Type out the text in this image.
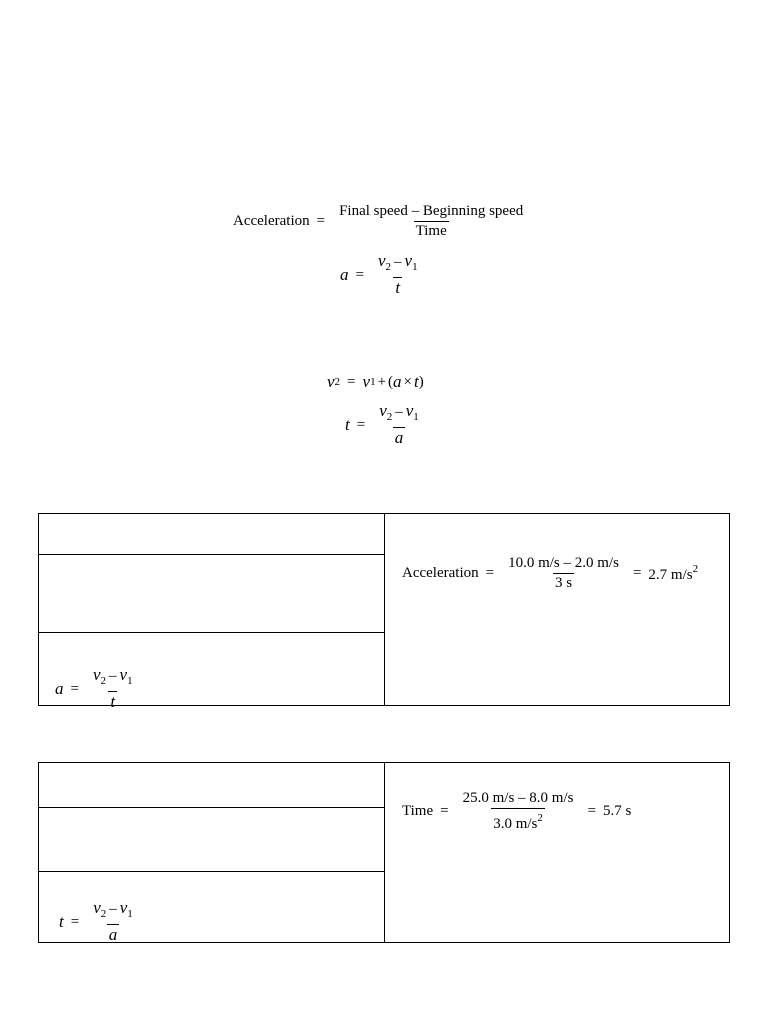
Acceleration = $\frac{\text{Final speed – Beginning speed}}{\text{Time}}$
$a = \frac{v_2 - v_1}{t}$
v 2 = v 1 + ( a × t )
$t = \frac{v_2 - v_1}{a}$
$a = \frac{v_2 - v_1}{t}$
Acceleration = $\frac{10.0 m/s - 2.0 m/s}{3 s} = 2.7$ $m/s^2$
$t = \frac{v_2 - v_1}{a}$
Time = $\frac{25.0 m/s - 8.0 m/s}{3.0 m/s^2} = 5.7$ s
